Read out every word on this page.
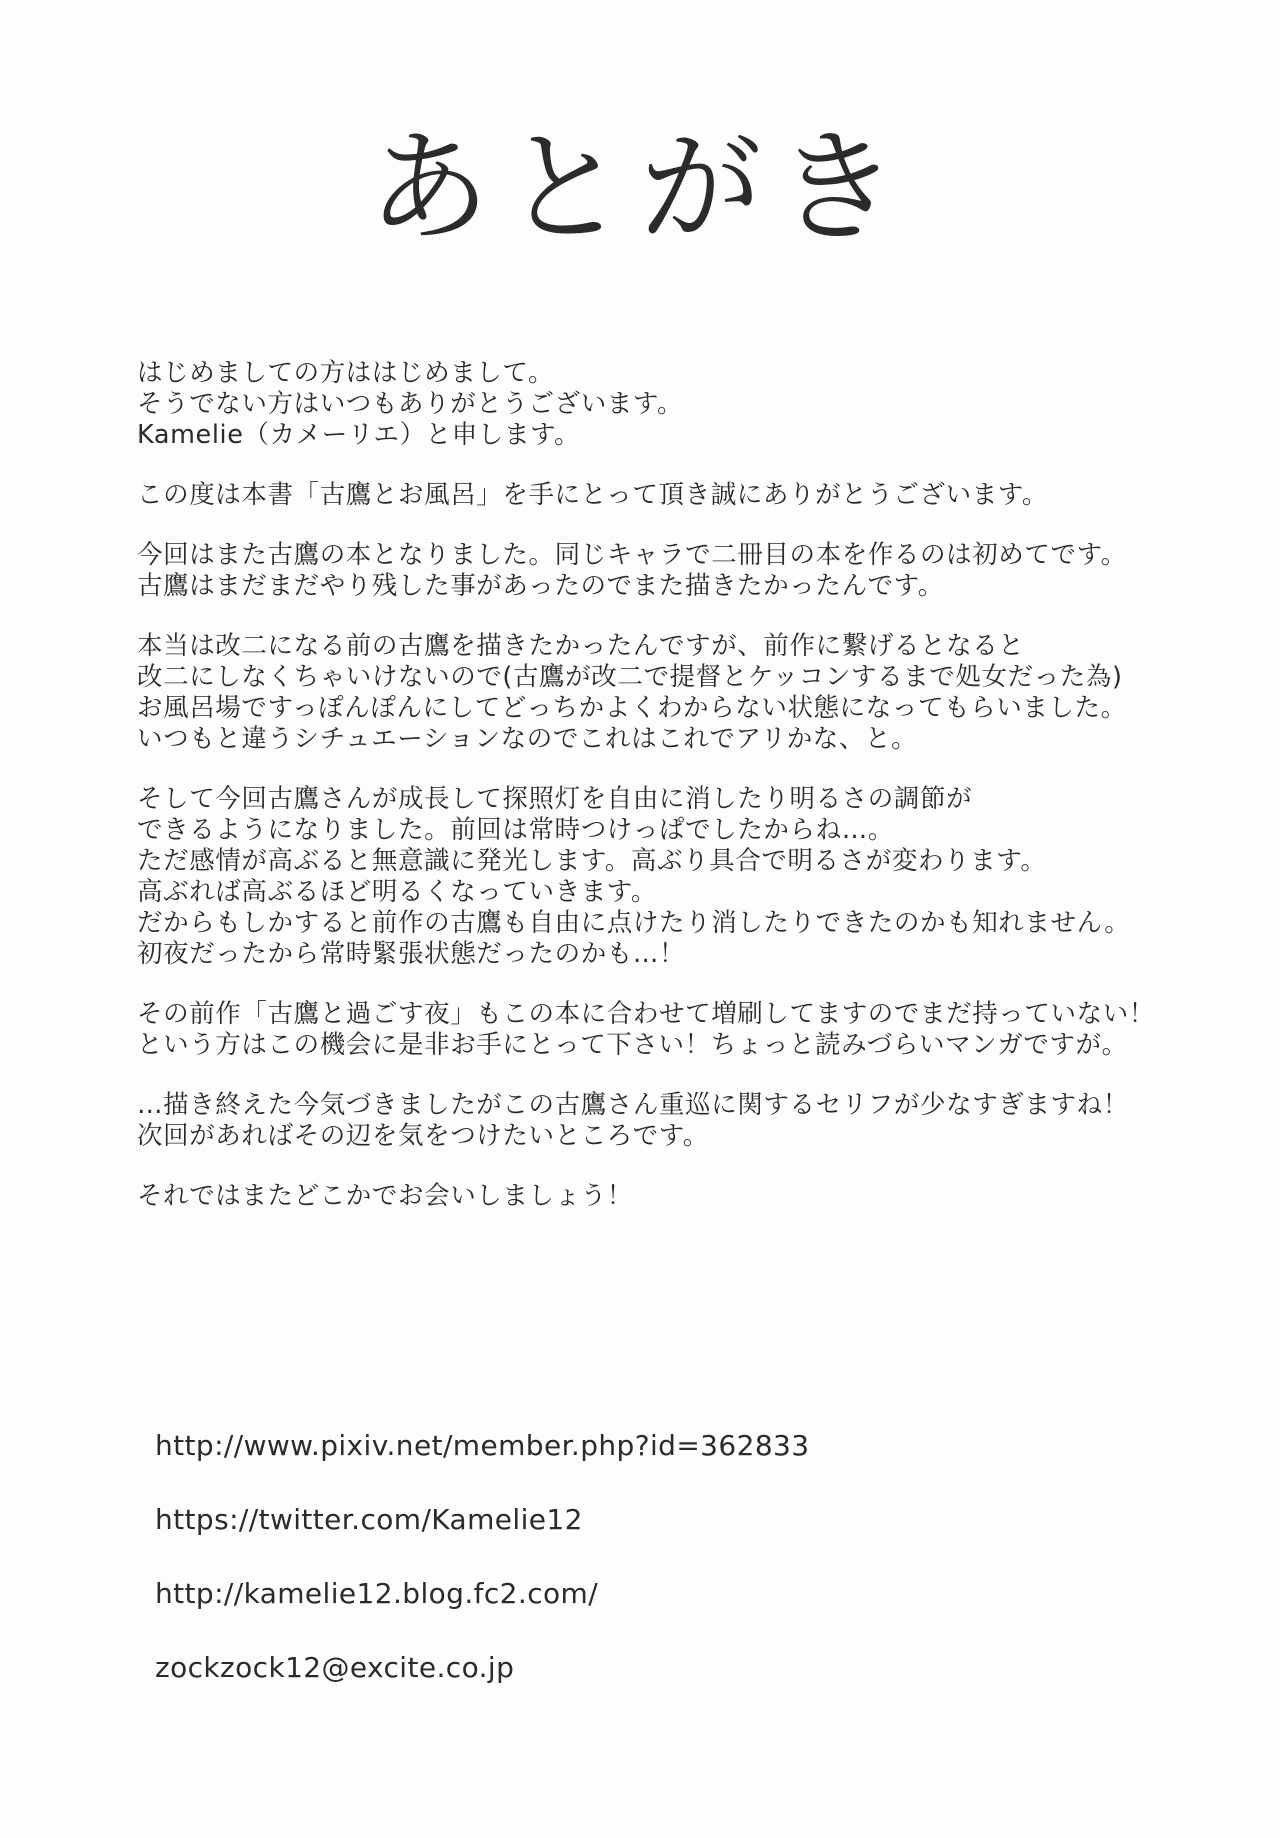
あとがき
はじめましての方ははじめまして。
そうでない方はいつもありがとうございます。
Kamelie（カメーリエ）と申します。
この度は本書「古鷹とお風呂」を手にとって頂き誠にありがとうございます。
今回はまた古鷹の本となりました。同じキャラで二冊目の本を作るのは初めてです。
古鷹はまだまだやり残した事があったのでまた描きたかったんです。
本当は改二になる前の古鷹を描きたかったんですが、前作に繋げるとなると
改二にしなくちゃいけないので(古鷹が改二で提督とケッコンするまで処女だった為)
お風呂場ですっぽんぽんにしてどっちかよくわからない状態になってもらいました。
いつもと違うシチュエーションなのでこれはこれでアリかな、と。
そして今回古鷹さんが成長して探照灯を自由に消したり明るさの調節が
できるようになりました。前回は常時つけっぱでしたからね…。
ただ感情が高ぶると無意識に発光します。高ぶり具合で明るさが変わります。
高ぶれば高ぶるほど明るくなっていきます。
だからもしかすると前作の古鷹も自由に点けたり消したりできたのかも知れません。
初夜だったから常時緊張状態だったのかも…！
その前作「古鷹と過ごす夜」もこの本に合わせて増刷してますのでまだ持っていない！
という方はこの機会に是非お手にとって下さい！ちょっと読みづらいマンガですが。
…描き終えた今気づきましたがこの古鷹さん重巡に関するセリフが少なすぎますね！
次回があればその辺を気をつけたいところです。
それではまたどこかでお会いしましょう！
http://www.pixiv.net/member.php?id=362833
https://twitter.com/Kamelie12
http://kamelie12.blog.fc2.com/
zockzock12@excite.co.jp
